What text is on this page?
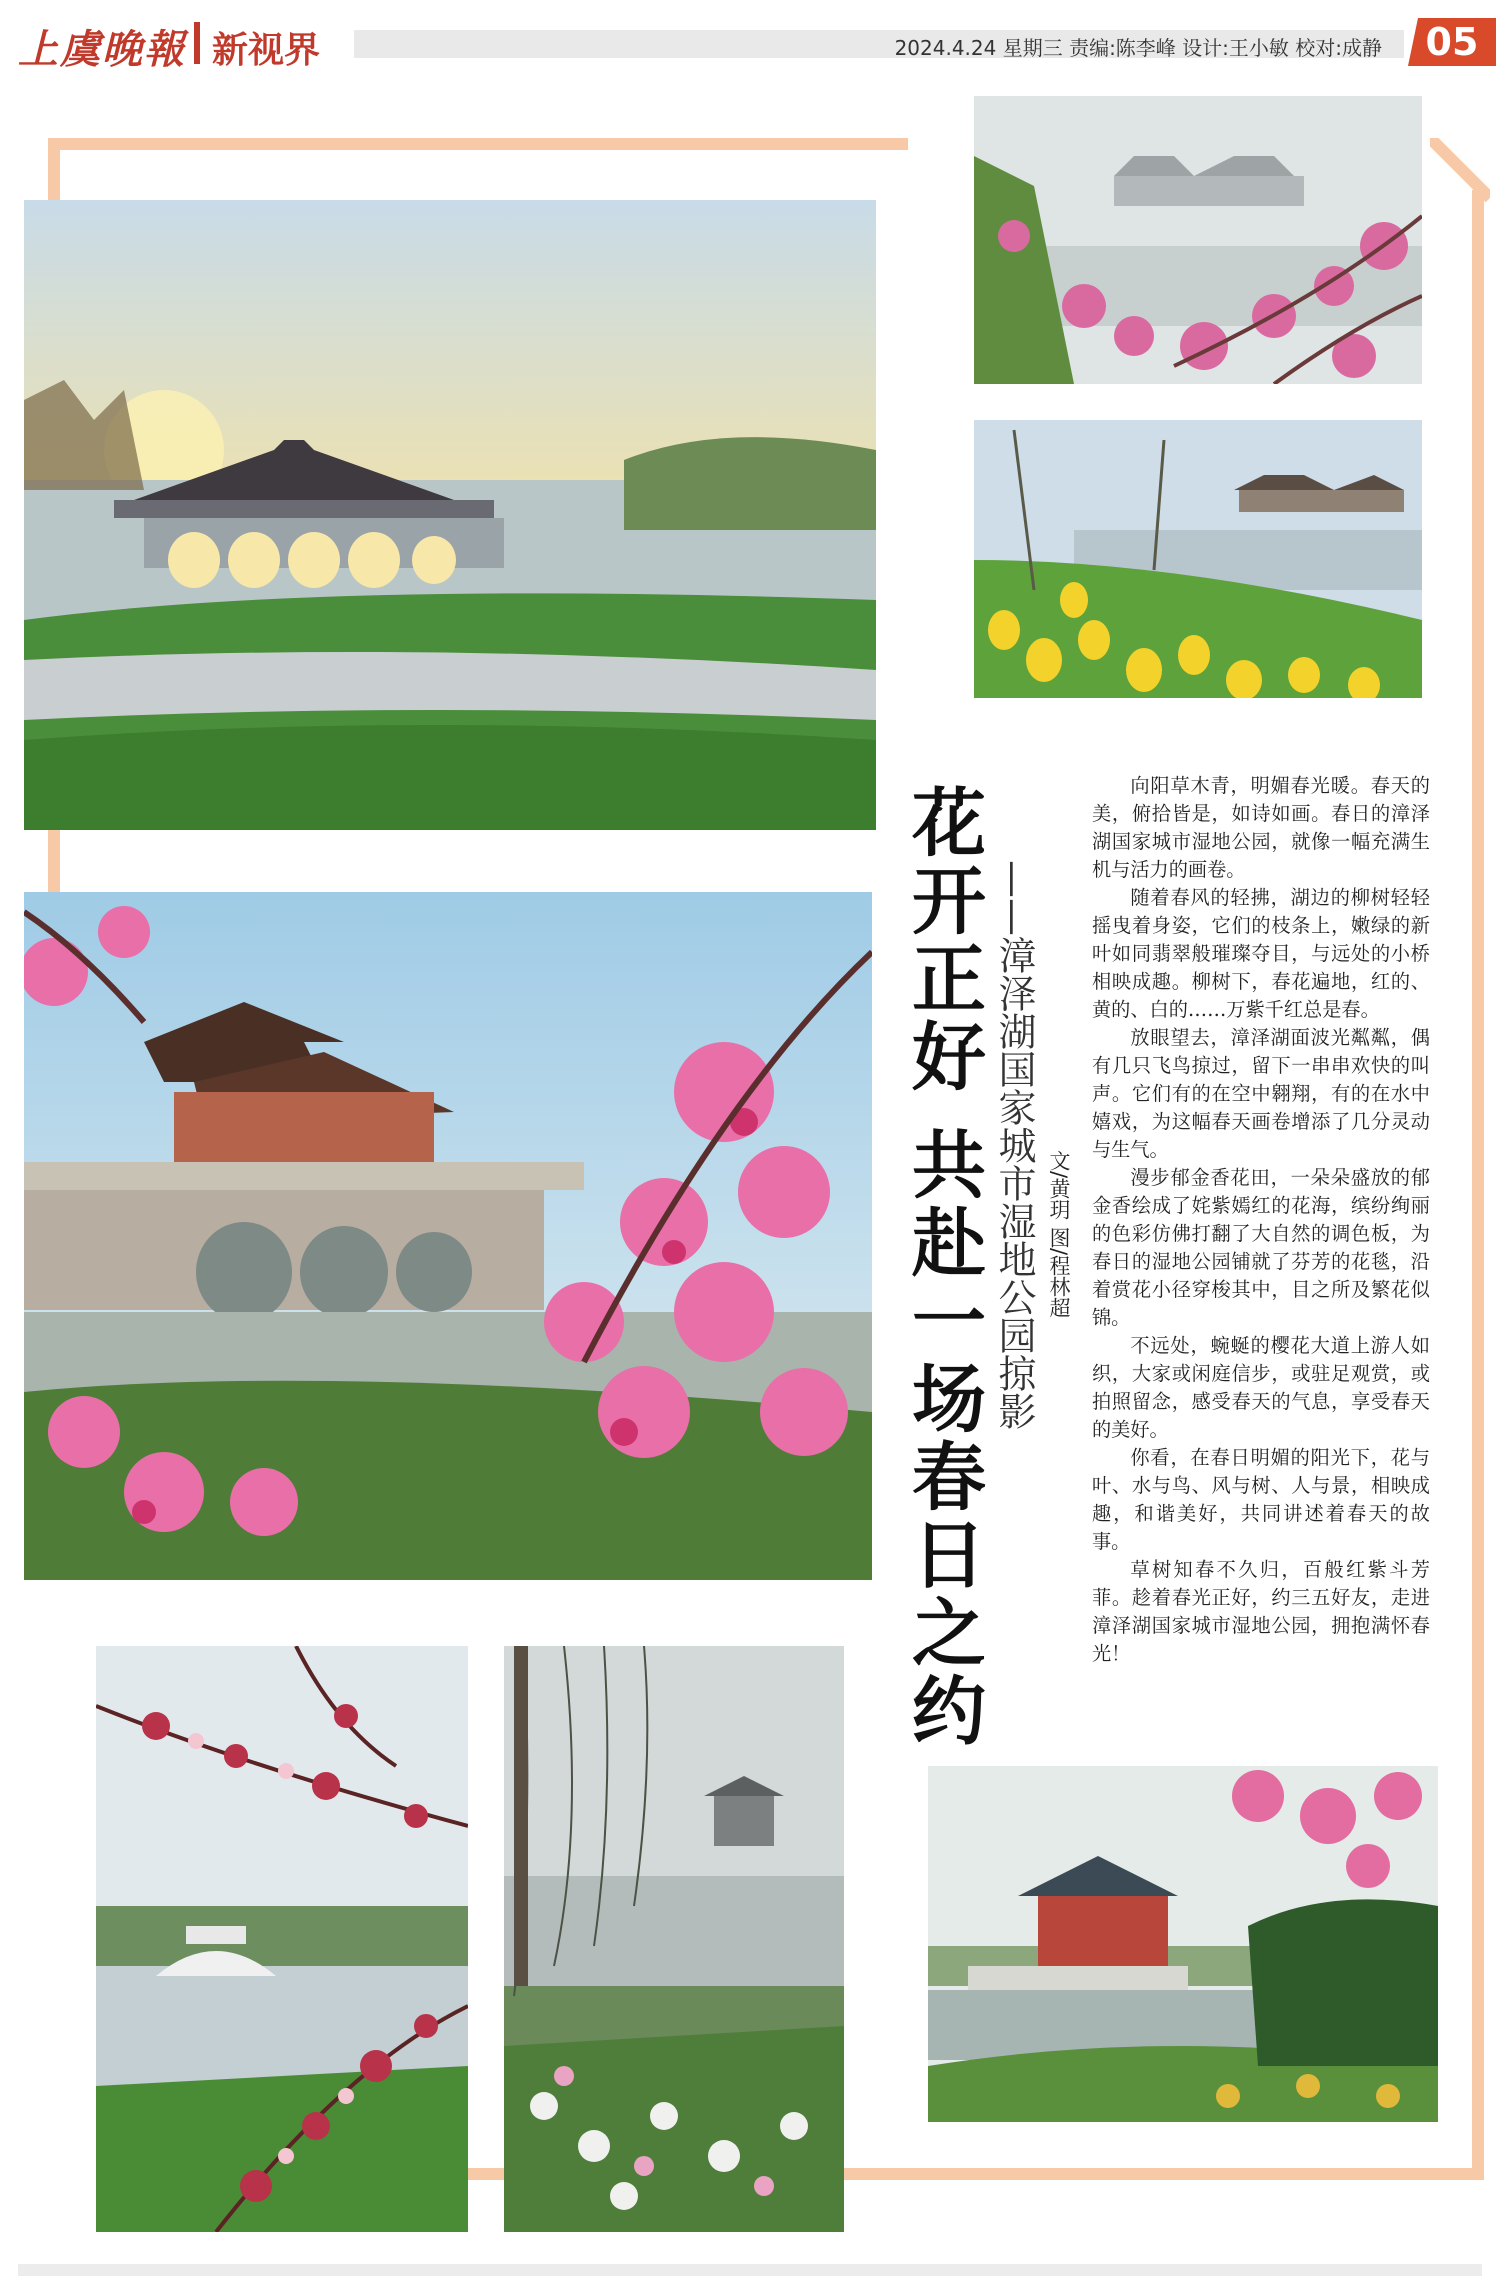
上虞晚報 新视界	2024.4.24 星期三 责编:陈李峰 设计:王小敏 校对:成静	05
花开正好 共赴一场春日之约 ——漳泽湖国家城市湿地公园掠影 文/黄玥 图/程林超

向阳草木青，明媚春光暖。春天的美，俯拾皆是，如诗如画。春日的漳泽湖国家城市湿地公园，就像一幅充满生机与活力的画卷。

随着春风的轻拂，湖边的柳树轻轻摇曳着身姿，它们的枝条上，嫩绿的新叶如同翡翠般璀璨夺目，与远处的小桥相映成趣。柳树下，春花遍地，红的、黄的、白的……万紫千红总是春。

放眼望去，漳泽湖面波光粼粼，偶有几只飞鸟掠过，留下一串串欢快的叫声。它们有的在空中翱翔，有的在水中嬉戏，为这幅春天画卷增添了几分灵动与生气。

漫步郁金香花田，一朵朵盛放的郁金香绘成了姹紫嫣红的花海，缤纷绚丽的色彩仿佛打翻了大自然的调色板，为春日的湿地公园铺就了芬芳的花毯，沿着赏花小径穿梭其中，目之所及繁花似锦。

不远处，蜿蜒的樱花大道上游人如织，大家或闲庭信步，或驻足观赏，或拍照留念，感受春天的气息，享受春天的美好。

你看，在春日明媚的阳光下，花与叶、水与鸟、风与树、人与景，相映成趣，和谐美好，共同讲述着春天的故事。

草树知春不久归，百般红紫斗芳菲。趁着春光正好，约三五好友，走进漳泽湖国家城市湿地公园，拥抱满怀春光！
